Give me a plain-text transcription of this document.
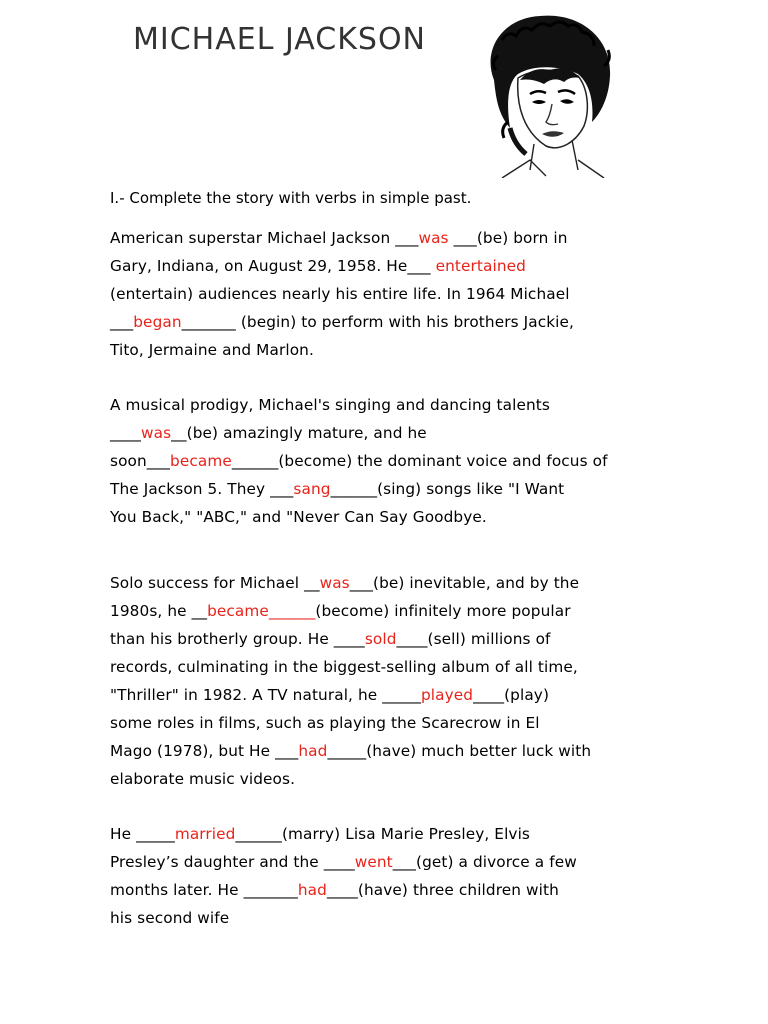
MICHAEL JACKSON

I.- Complete the story with verbs in simple past.

American superstar Michael Jackson ___was ___(be) born in
Gary, Indiana, on August 29, 1958. He___ entertained
(entertain) audiences nearly his entire life. In 1964 Michael
___began_______ (begin) to perform with his brothers Jackie,
Tito, Jermaine and Marlon.

A musical prodigy, Michael's singing and dancing talents
____was__(be) amazingly mature, and he
soon___became______(become) the dominant voice and focus of
The Jackson 5. They ___sang______(sing) songs like "I Want
You Back," "ABC," and "Never Can Say Goodbye.

Solo success for Michael __was___(be) inevitable, and by the
1980s, he __became______(become) infinitely more popular
than his brotherly group. He ____sold____(sell) millions of
records, culminating in the biggest-selling album of all time,
"Thriller" in 1982. A TV natural, he _____played____(play)
some roles in films, such as playing the Scarecrow in El
Mago (1978), but He ___had_____(have) much better luck with
elaborate music videos.

He _____married______(marry) Lisa Marie Presley, Elvis
Presley’s daughter and the ____went___(get) a divorce a few
months later. He _______had____(have) three children with
his second wife
